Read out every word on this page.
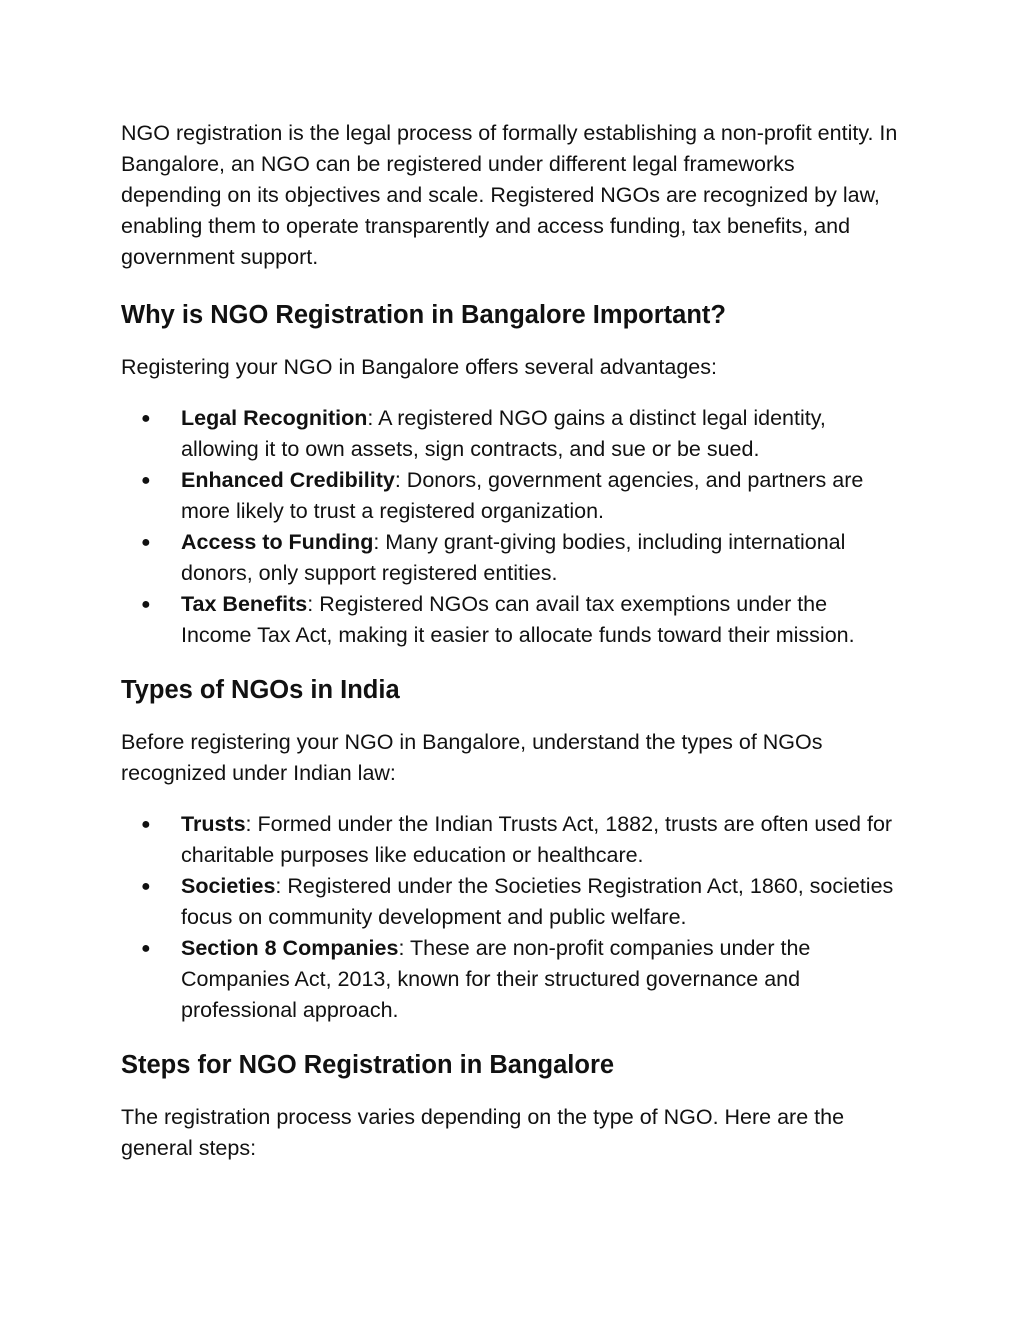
NGO registration is the legal process of formally establishing a non-profit entity. In Bangalore, an NGO can be registered under different legal frameworks depending on its objectives and scale. Registered NGOs are recognized by law, enabling them to operate transparently and access funding, tax benefits, and government support.

Why is NGO Registration in Bangalore Important?

Registering your NGO in Bangalore offers several advantages:

● Legal Recognition: A registered NGO gains a distinct legal identity, allowing it to own assets, sign contracts, and sue or be sued.
● Enhanced Credibility: Donors, government agencies, and partners are more likely to trust a registered organization.
● Access to Funding: Many grant-giving bodies, including international donors, only support registered entities.
● Tax Benefits: Registered NGOs can avail tax exemptions under the Income Tax Act, making it easier to allocate funds toward their mission.
Types of NGOs in India

Before registering your NGO in Bangalore, understand the types of NGOs recognized under Indian law:

● Trusts: Formed under the Indian Trusts Act, 1882, trusts are often used for charitable purposes like education or healthcare.
● Societies: Registered under the Societies Registration Act, 1860, societies focus on community development and public welfare.
● Section 8 Companies: These are non-profit companies under the Companies Act, 2013, known for their structured governance and professional approach.
Steps for NGO Registration in Bangalore

The registration process varies depending on the type of NGO. Here are the general steps:
